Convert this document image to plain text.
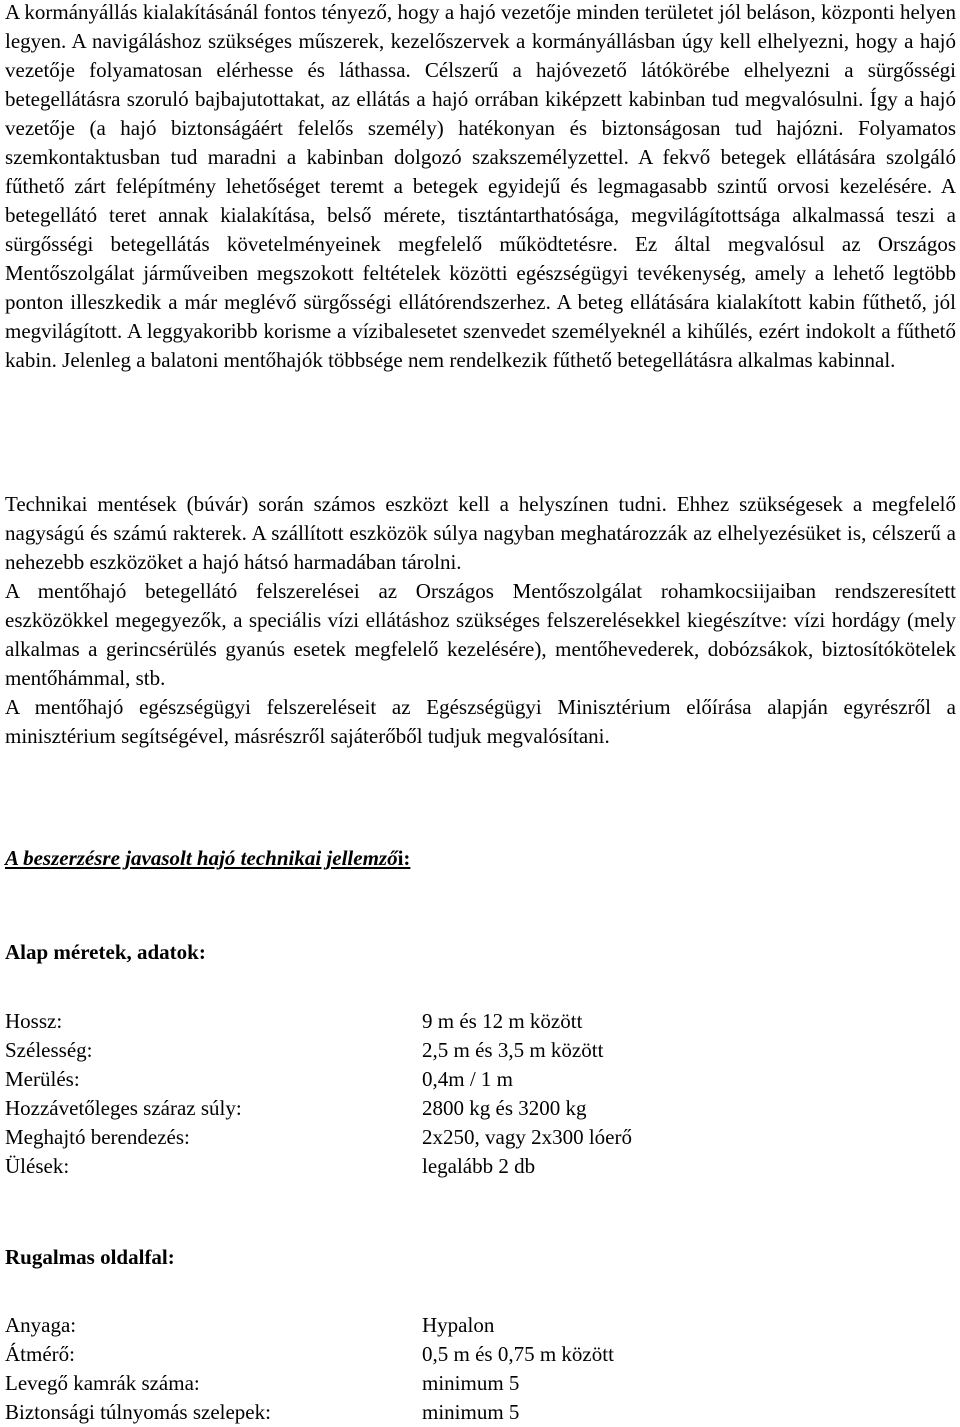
A kormányállás kialakításánál fontos tényező, hogy a hajó vezetője minden területet jól beláson, központi helyen legyen. A navigáláshoz szükséges műszerek, kezelőszervek a kormányállásban úgy kell elhelyezni, hogy a hajó vezetője folyamatosan elérhesse és láthassa. Célszerű a hajóvezető látókörébe elhelyezni a sürgősségi betegellátásra szoruló bajbajutottakat, az ellátás a hajó orrában kiképzett kabinban tud megvalósulni. Így a hajó vezetője (a hajó biztonságáért felelős személy) hatékonyan és biztonságosan tud hajózni. Folyamatos szemkontaktusban tud maradni a kabinban dolgozó szakszemélyzettel. A fekvő betegek ellátására szolgáló fűthető zárt felépítmény lehetőséget teremt a betegek egyidejű és legmagasabb szintű orvosi kezelésére. A betegellátó teret annak kialakítása, belső mérete, tisztántarthatósága, megvilágítottsága alkalmassá teszi a sürgősségi betegellátás követelményeinek megfelelő működtetésre. Ez által megvalósul az Országos Mentőszolgálat járműveiben megszokott feltételek közötti egészségügyi tevékenység, amely a lehető legtöbb ponton illeszkedik a már meglévő sürgősségi ellátórendszerhez. A beteg ellátására kialakított kabin fűthető, jól megvilágított. A leggyakoribb korisme a vízibalesetet szenvedet személyeknél a kihűlés, ezért indokolt a fűthető kabin. Jelenleg a balatoni mentőhajók többsége nem rendelkezik fűthető betegellátásra alkalmas kabinnal.

Technikai mentések (búvár) során számos eszközt kell a helyszínen tudni. Ehhez szükségesek a megfelelő nagyságú és számú rakterek. A szállított eszközök súlya nagyban meghatározzák az elhelyezésüket is, célszerű a nehezebb eszközöket a hajó hátsó harmadában tárolni.

A mentőhajó betegellátó felszerelései az Országos Mentőszolgálat rohamkocsiijaiban rendszeresített eszközökkel megegyezők, a speciális vízi ellátáshoz szükséges felszerelésekkel kiegészítve: vízi hordágy (mely alkalmas a gerincsérülés gyanús esetek megfelelő kezelésére), mentőhevederek, dobózsákok, biztosítókötelek mentőhámmal, stb.

A mentőhajó egészségügyi felszereléseit az Egészségügyi Minisztérium előírása alapján egyrészről a minisztérium segítségével, másrészről sajáterőből tudjuk megvalósítani.

A beszerzésre javasolt hajó technikai jellemzői:

Alap méretek, adatok:

Hossz:	9 m és 12 m között
Szélesség:	2,5 m és 3,5 m között
Merülés:	0,4m / 1 m
Hozzávetőleges száraz súly:	2800 kg és 3200 kg
Meghajtó berendezés:	2x250, vagy 2x300 lóerő
Ülések:	legalább 2 db

Rugalmas oldalfal:

Anyaga:	Hypalon
Átmérő:	0,5 m és 0,75 m között
Levegő kamrák száma:	minimum 5
Biztonsági túlnyomás szelepek:	minimum 5
